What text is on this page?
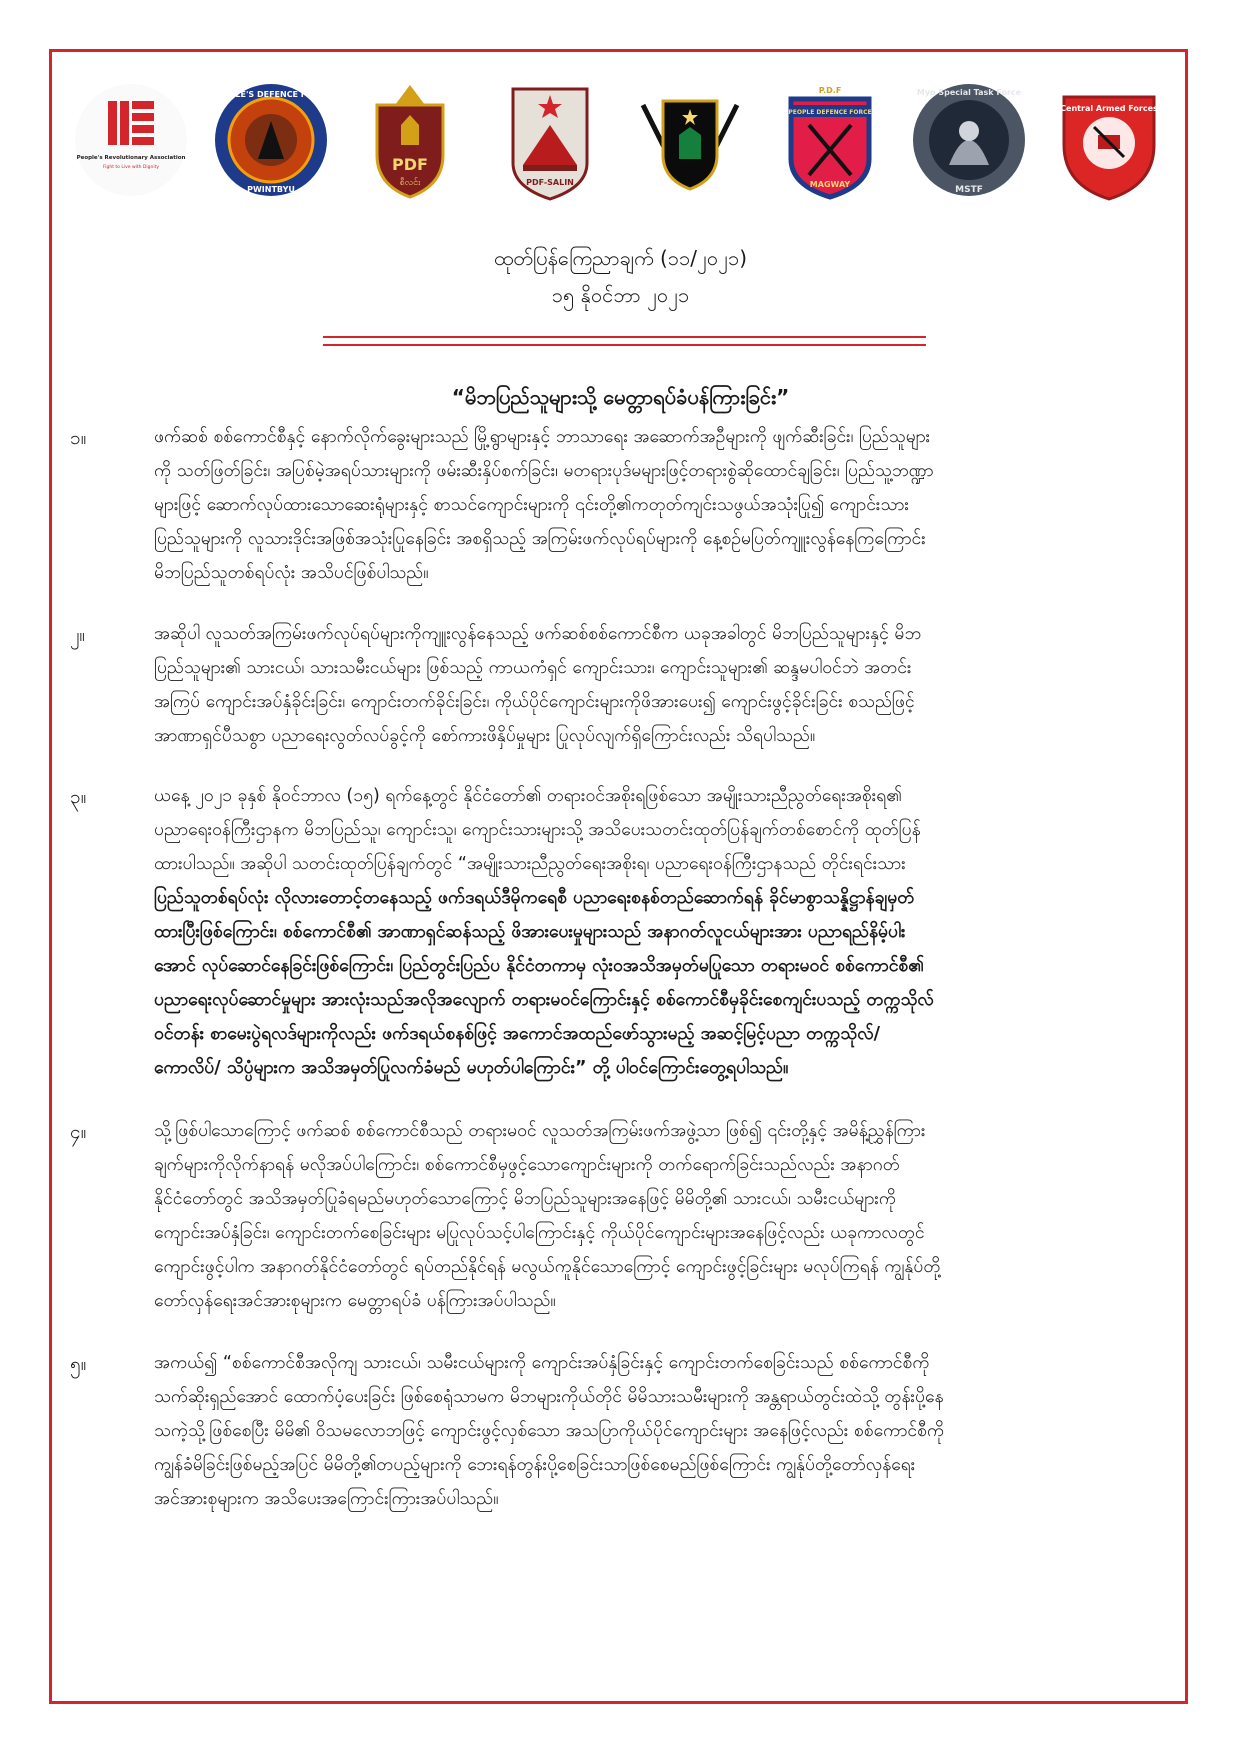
People's Revolutionary Association
Fight to Live with Dignity
PEOPLE'S DEFENCE FORCE
PWINTBYU
PDF
စီလင်း	PDF-SALIN
P.D.F
PEOPLE DEFENCE FORCE
MAGWAY
Myo Special Task Force
MSTF
Central Armed Forces
ထုတ်ပြန်ကြေညာချက် (၁၁/၂၀၂၁)
၁၅ နိုဝင်ဘာ ၂၀၂၁
“မိဘပြည်သူများသို့ မေတ္တာရပ်ခံပန်ကြားခြင်း”
၁။	ဖက်ဆစ် စစ်ကောင်စီနှင့် နောက်လိုက်ခွေးများသည် မြို့ရွာများနှင့် ဘာသာရေး အဆောက်အဦများကို ဖျက်ဆီးခြင်း၊ ပြည်သူများ
ကို သတ်ဖြတ်ခြင်း၊ အပြစ်မဲ့အရပ်သားများကို ဖမ်းဆီးနှိပ်စက်ခြင်း၊ မတရားပုဒ်မများဖြင့်တရားစွဲဆိုထောင်ချခြင်း၊ ပြည်သူ့ဘဏ္ဍာ
များဖြင့် ဆောက်လုပ်ထားသောဆေးရုံများနှင့် စာသင်ကျောင်းများကို ၎င်းတို့၏ကတုတ်ကျင်းသဖွယ်အသုံးပြု၍ ကျောင်းသား
ပြည်သူများကို လူသားဒိုင်းအဖြစ်အသုံးပြုနေခြင်း အစရှိသည့် အကြမ်းဖက်လုပ်ရပ်များကို နေ့စဉ်မပြတ်ကျူးလွန်နေကြကြောင်း
မိဘပြည်သူတစ်ရပ်လုံး အသိပင်ဖြစ်ပါသည်။
၂။	အဆိုပါ လူသတ်အကြမ်းဖက်လုပ်ရပ်များကိုကျူးလွန်နေသည့် ဖက်ဆစ်စစ်ကောင်စီက ယခုအခါတွင် မိဘပြည်သူများနှင့် မိဘ
ပြည်သူများ၏ သားငယ်၊ သားသမီးငယ်များ ဖြစ်သည့် ကာယကံရှင် ကျောင်းသား၊ ကျောင်းသူများ၏ ဆန္ဒမပါဝင်ဘဲ အတင်း
အကြပ် ကျောင်းအပ်နှံခိုင်းခြင်း၊ ကျောင်းတက်ခိုင်းခြင်း၊ ကိုယ်ပိုင်ကျောင်းများကိုဖိအားပေး၍ ကျောင်းဖွင့်ခိုင်းခြင်း စသည်ဖြင့်
အာဏာရှင်ပီသစွာ ပညာရေးလွတ်လပ်ခွင့်ကို စော်ကားဖိနှိပ်မှုများ ပြုလုပ်လျက်ရှိကြောင်းလည်း သိရပါသည်။
၃။	ယနေ့ ၂၀၂၁ ခုနှစ် နိုဝင်ဘာလ (၁၅) ရက်နေ့တွင် နိုင်ငံတော်၏ တရားဝင်အစိုးရဖြစ်သော အမျိုးသားညီညွတ်ရေးအစိုးရ၏
ပညာရေးဝန်ကြီးဌာနက မိဘပြည်သူ၊ ကျောင်းသူ၊ ကျောင်းသားများသို့ အသိပေးသတင်းထုတ်ပြန်ချက်တစ်စောင်ကို ထုတ်ပြန်
ထားပါသည်။ အဆိုပါ သတင်းထုတ်ပြန်ချက်တွင် “အမျိုးသားညီညွတ်ရေးအစိုးရ၊ ပညာရေးဝန်ကြီးဌာနသည် တိုင်းရင်းသား
ပြည်သူတစ်ရပ်လုံး လိုလားတောင့်တနေသည့် ဖက်ဒရယ်ဒီမိုကရေစီ ပညာရေးစနစ်တည်ဆောက်ရန် ခိုင်မာစွာသန္နိဋ္ဌာန်ချမှတ်
ထားပြီးဖြစ်ကြောင်း၊ စစ်ကောင်စီ၏ အာဏာရှင်ဆန်သည့် ဖိအားပေးမှုများသည် အနာဂတ်လူငယ်များအား ပညာရည်နိမ့်ပါး
အောင် လုပ်ဆောင်နေခြင်းဖြစ်ကြောင်း၊ ပြည်တွင်းပြည်ပ နိုင်ငံတကာမှ လုံးဝအသိအမှတ်မပြုသော တရားမဝင် စစ်ကောင်စီ၏
ပညာရေးလုပ်ဆောင်မှုများ အားလုံးသည်အလိုအလျောက် တရားမဝင်ကြောင်းနှင့် စစ်ကောင်စီမှခိုင်းစေကျင်းပသည့် တက္ကသိုလ်
ဝင်တန်း စာမေးပွဲရလဒ်များကိုလည်း ဖက်ဒရယ်စနစ်ဖြင့် အကောင်အထည်ဖော်သွားမည့် အဆင့်မြင့်ပညာ တက္ကသိုလ်/
ကောလိပ်/ သိပ္ပံများက အသိအမှတ်ပြုလက်ခံမည် မဟုတ်ပါကြောင်း” တို့ ပါဝင်ကြောင်းတွေ့ရပါသည်။
၄။	သို့ဖြစ်ပါသောကြောင့် ဖက်ဆစ် စစ်ကောင်စီသည် တရားမဝင် လူသတ်အကြမ်းဖက်အဖွဲ့သာ ဖြစ်၍ ၎င်းတို့နှင့် အမိန့်ညွှန်ကြား
ချက်များကိုလိုက်နာရန် မလိုအပ်ပါကြောင်း၊ စစ်ကောင်စီမှဖွင့်သောကျောင်းများကို တက်ရောက်ခြင်းသည်လည်း အနာဂတ်
နိုင်ငံတော်တွင် အသိအမှတ်ပြုခံရမည်မဟုတ်သောကြောင့် မိဘပြည်သူများအနေဖြင့် မိမိတို့၏ သားငယ်၊ သမီးငယ်များကို
ကျောင်းအပ်နှံခြင်း၊ ကျောင်းတက်စေခြင်းများ မပြုလုပ်သင့်ပါကြောင်းနှင့် ကိုယ်ပိုင်ကျောင်းများအနေဖြင့်လည်း ယခုကာလတွင်
ကျောင်းဖွင့်ပါက အနာဂတ်နိုင်ငံတော်တွင် ရပ်တည်နိုင်ရန် မလွယ်ကူနိုင်သောကြောင့် ကျောင်းဖွင့်ခြင်းများ မလုပ်ကြရန် ကျွန်ုပ်တို့
တော်လှန်ရေးအင်အားစုများက မေတ္တာရပ်ခံ ပန်ကြားအပ်ပါသည်။
၅။	အကယ်၍ “စစ်ကောင်စီအလိုကျ သားငယ်၊ သမီးငယ်များကို ကျောင်းအပ်နှံခြင်းနှင့် ကျောင်းတက်စေခြင်းသည် စစ်ကောင်စီကို
သက်ဆိုးရှည်အောင် ထောက်ပံ့ပေးခြင်း ဖြစ်စေရုံသာမက မိဘများကိုယ်တိုင် မိမိသားသမီးများကို အန္တရာယ်တွင်းထဲသို့ တွန်းပို့နေ
သကဲ့သို့ဖြစ်စေပြီး မိမိ၏ ဝိသမလောဘဖြင့် ကျောင်းဖွင့်လှစ်သော အသပြာကိုယ်ပိုင်ကျောင်းများ အနေဖြင့်လည်း စစ်ကောင်စီကို
ကျွန်ခံမိခြင်းဖြစ်မည့်အပြင် မိမိတို့၏တပည့်များကို ဘေးရန်တွန်းပို့စေခြင်းသာဖြစ်စေမည်ဖြစ်ကြောင်း ကျွန်ုပ်တို့တော်လှန်ရေး
အင်အားစုများက အသိပေးအကြောင်းကြားအပ်ပါသည်။
